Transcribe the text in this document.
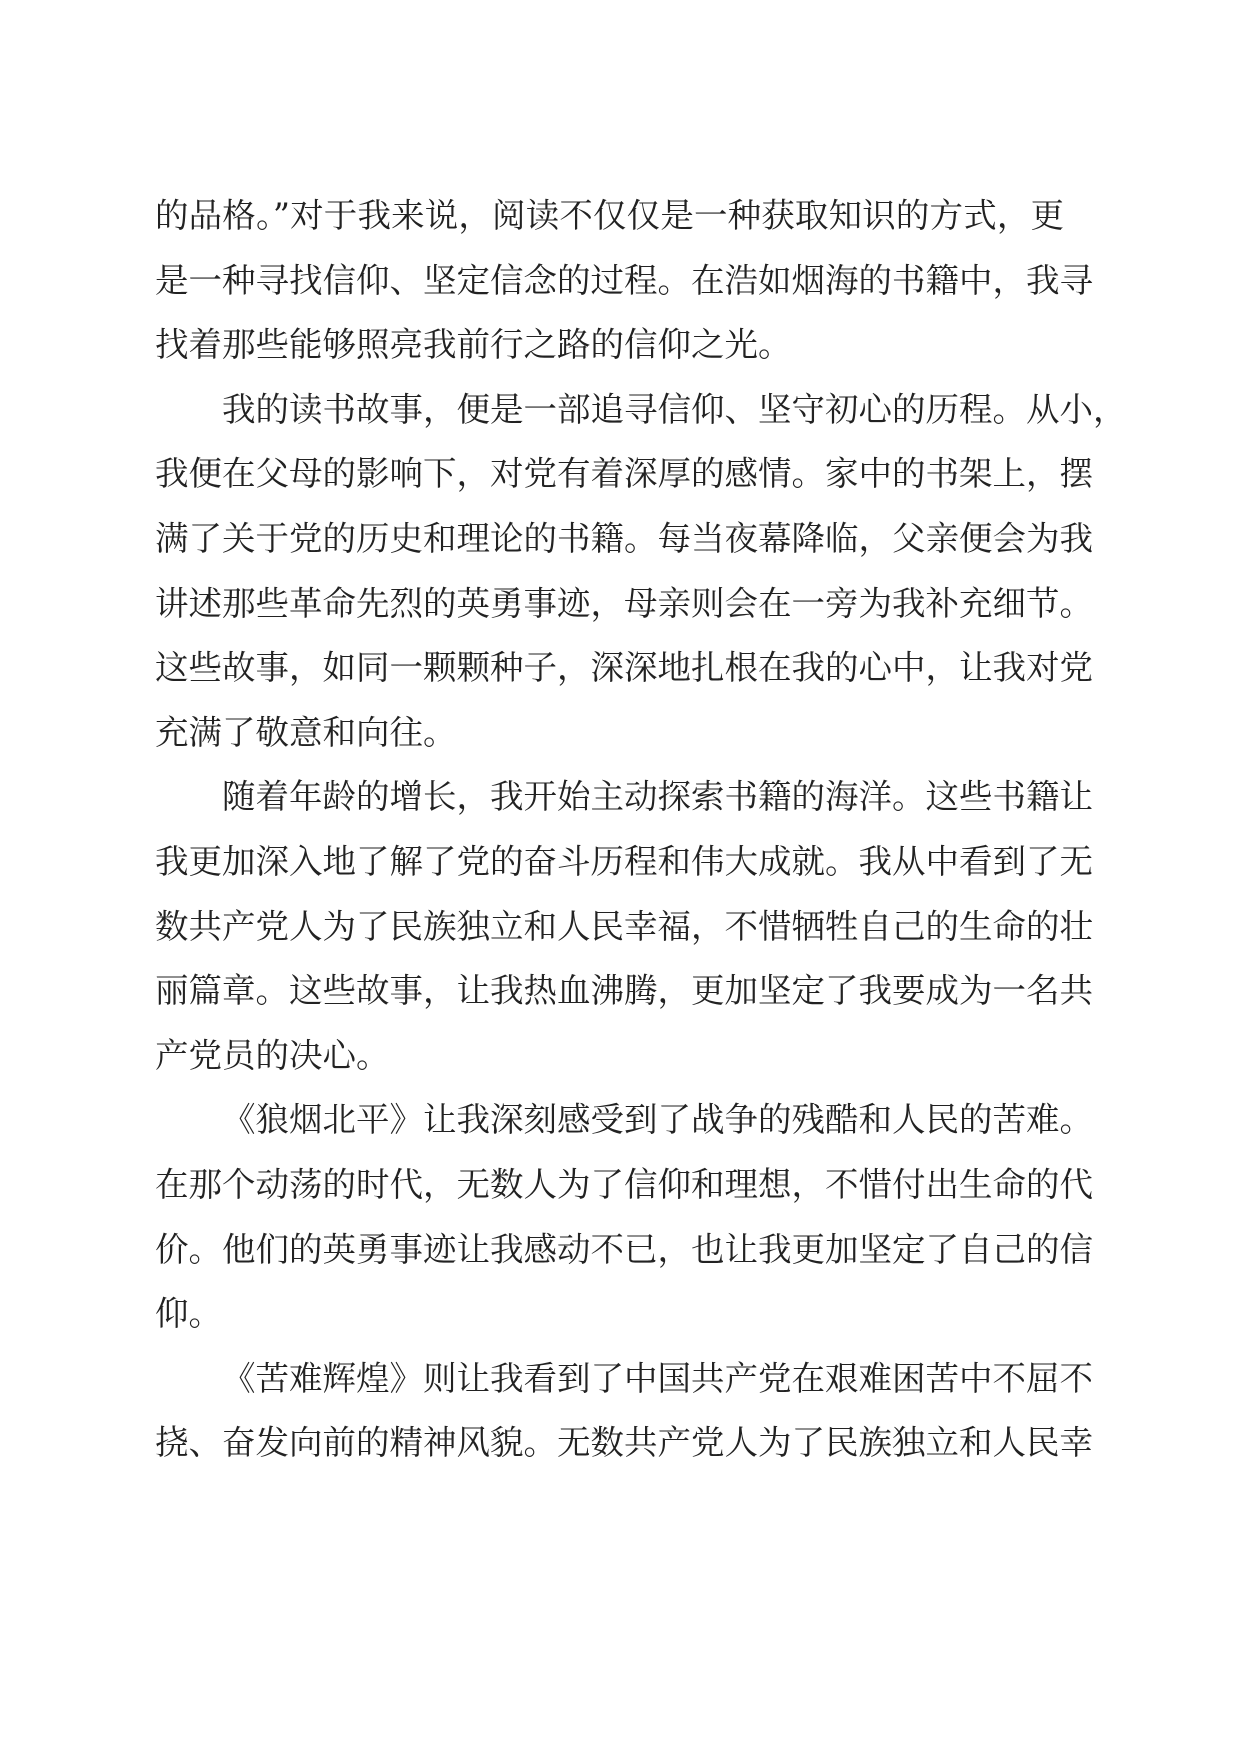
的品格。”对于我来说，阅读不仅仅是一种获取知识的方式，更
是一种寻找信仰、坚定信念的过程。在浩如烟海的书籍中，我寻
找着那些能够照亮我前行之路的信仰之光。
我的读书故事，便是一部追寻信仰、坚守初心的历程。从小，
我便在父母的影响下，对党有着深厚的感情。家中的书架上，摆
满了关于党的历史和理论的书籍。每当夜幕降临，父亲便会为我
讲述那些革命先烈的英勇事迹，母亲则会在一旁为我补充细节。
这些故事，如同一颗颗种子，深深地扎根在我的心中，让我对党
充满了敬意和向往。
随着年龄的增长，我开始主动探索书籍的海洋。这些书籍让
我更加深入地了解了党的奋斗历程和伟大成就。我从中看到了无
数共产党人为了民族独立和人民幸福，不惜牺牲自己的生命的壮
丽篇章。这些故事，让我热血沸腾，更加坚定了我要成为一名共
产党员的决心。
《狼烟北平》让我深刻感受到了战争的残酷和人民的苦难。
在那个动荡的时代，无数人为了信仰和理想，不惜付出生命的代
价。他们的英勇事迹让我感动不已，也让我更加坚定了自己的信
仰。
《苦难辉煌》则让我看到了中国共产党在艰难困苦中不屈不
挠、奋发向前的精神风貌。无数共产党人为了民族独立和人民幸
